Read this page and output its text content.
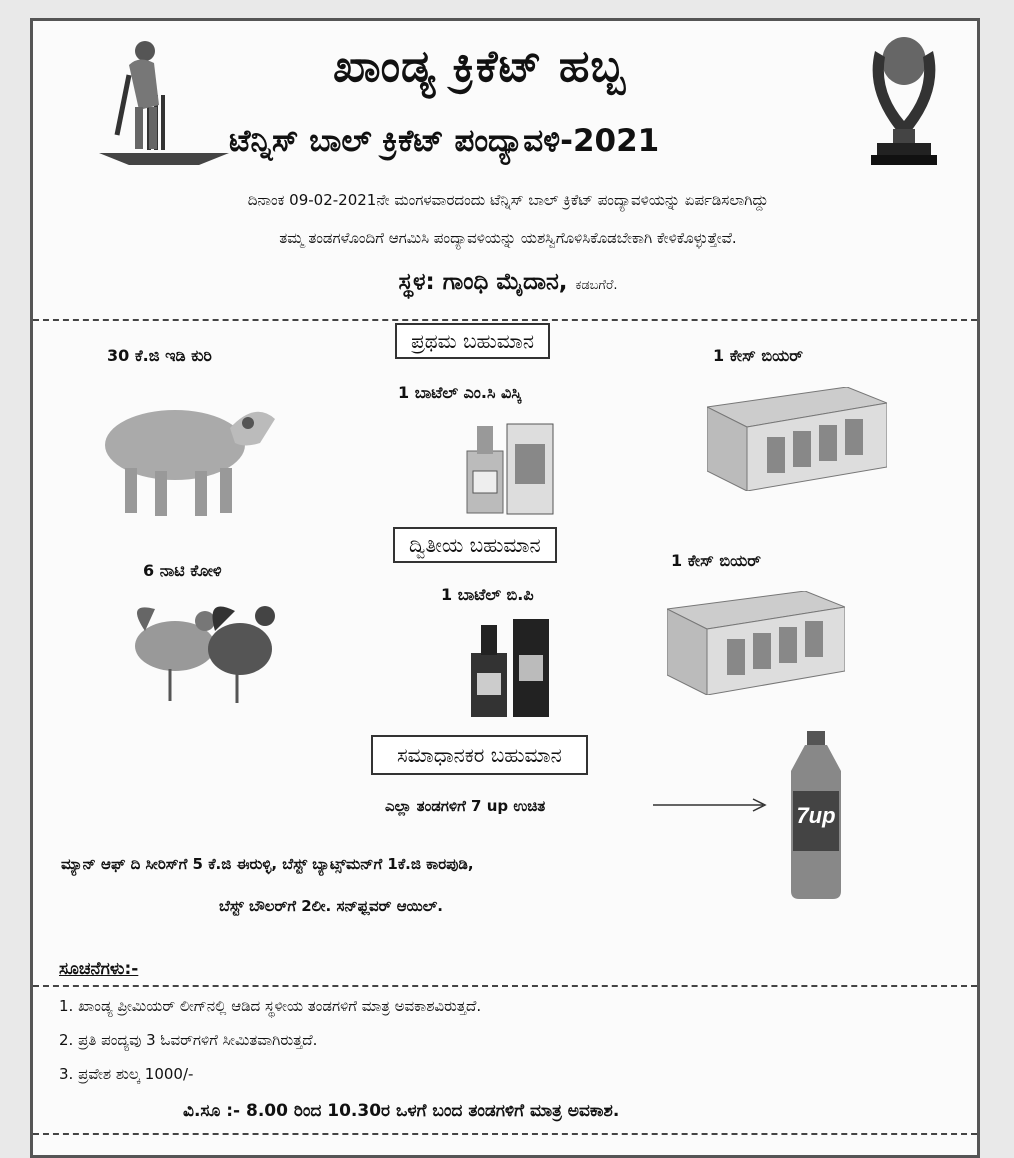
ಖಾಂಡ್ಯ ಕ್ರಿಕೆಟ್ ಹಬ್ಬ
ಟೆನ್ನಿಸ್ ಬಾಲ್ ಕ್ರಿಕೆಟ್ ಪಂದ್ಯಾವಳಿ-2021
ದಿನಾಂಕ 09-02-2021ನೇ ಮಂಗಳವಾರದಂದು ಟೆನ್ನಿಸ್ ಬಾಲ್ ಕ್ರಿಕೆಟ್ ಪಂದ್ಯಾವಳಿಯನ್ನು ಏರ್ಪಡಿಸಲಾಗಿದ್ದು
ತಮ್ಮ ತಂಡಗಳೊಂದಿಗೆ ಆಗಮಿಸಿ ಪಂದ್ಯಾವಳಿಯನ್ನು ಯಶಸ್ವಿಗೊಳಿಸಿಕೊಡಬೇಕಾಗಿ ಕೇಳಿಕೊಳ್ಳುತ್ತೇವೆ.
ಸ್ಥಳ: ಗಾಂಧಿ ಮೈದಾನ, ಕಡಬಗೆರೆ.
ಪ್ರಥಮ ಬಹುಮಾನ
30 ಕೆ.ಜಿ ಇಡಿ ಕುರಿ
1 ಬಾಟೆಲ್ ಎಂ.ಸಿ ವಿಸ್ಕಿ
1 ಕೇಸ್ ಬಿಯರ್
ದ್ವಿತೀಯ ಬಹುಮಾನ
6 ನಾಟಿ ಕೋಳಿ
1 ಬಾಟೆಲ್ ಬಿ.ಪಿ
1 ಕೇಸ್ ಬಿಯರ್
ಸಮಾಧಾನಕರ ಬಹುಮಾನ
ಎಲ್ಲಾ ತಂಡಗಳಿಗೆ 7 up ಉಚಿತ	7up
ಮ್ಯಾನ್ ಆಫ್ ದಿ ಸೀರಿಸ್‌ಗೆ 5 ಕೆ.ಜಿ ಈರುಳ್ಳಿ, ಬೆಸ್ಟ್ ಬ್ಯಾಟ್ಸ್‌ಮನ್‌ಗೆ 1ಕೆ.ಜಿ ಕಾರಪುಡಿ,
ಬೆಸ್ಟ್ ಬೌಲರ್‌ಗೆ 2ಲೀ. ಸನ್‌ಫ್ಲವರ್ ಆಯಿಲ್.
ಸೂಚನೆಗಳು:-
1. ಖಾಂಡ್ಯ ಪ್ರೀಮಿಯರ್ ಲೀಗ್‌ನಲ್ಲಿ ಆಡಿದ ಸ್ಥಳೀಯ ತಂಡಗಳಿಗೆ ಮಾತ್ರ ಅವಕಾಶವಿರುತ್ತದೆ.
2. ಪ್ರತಿ ಪಂದ್ಯವು 3 ಓವರ್‌ಗಳಿಗೆ ಸೀಮಿತವಾಗಿರುತ್ತದೆ.
3. ಪ್ರವೇಶ ಶುಲ್ಕ 1000/-
ವಿ.ಸೂ :- 8.00 ರಿಂದ 10.30ರ ಒಳಗೆ ಬಂದ ತಂಡಗಳಿಗೆ ಮಾತ್ರ ಅವಕಾಶ.
